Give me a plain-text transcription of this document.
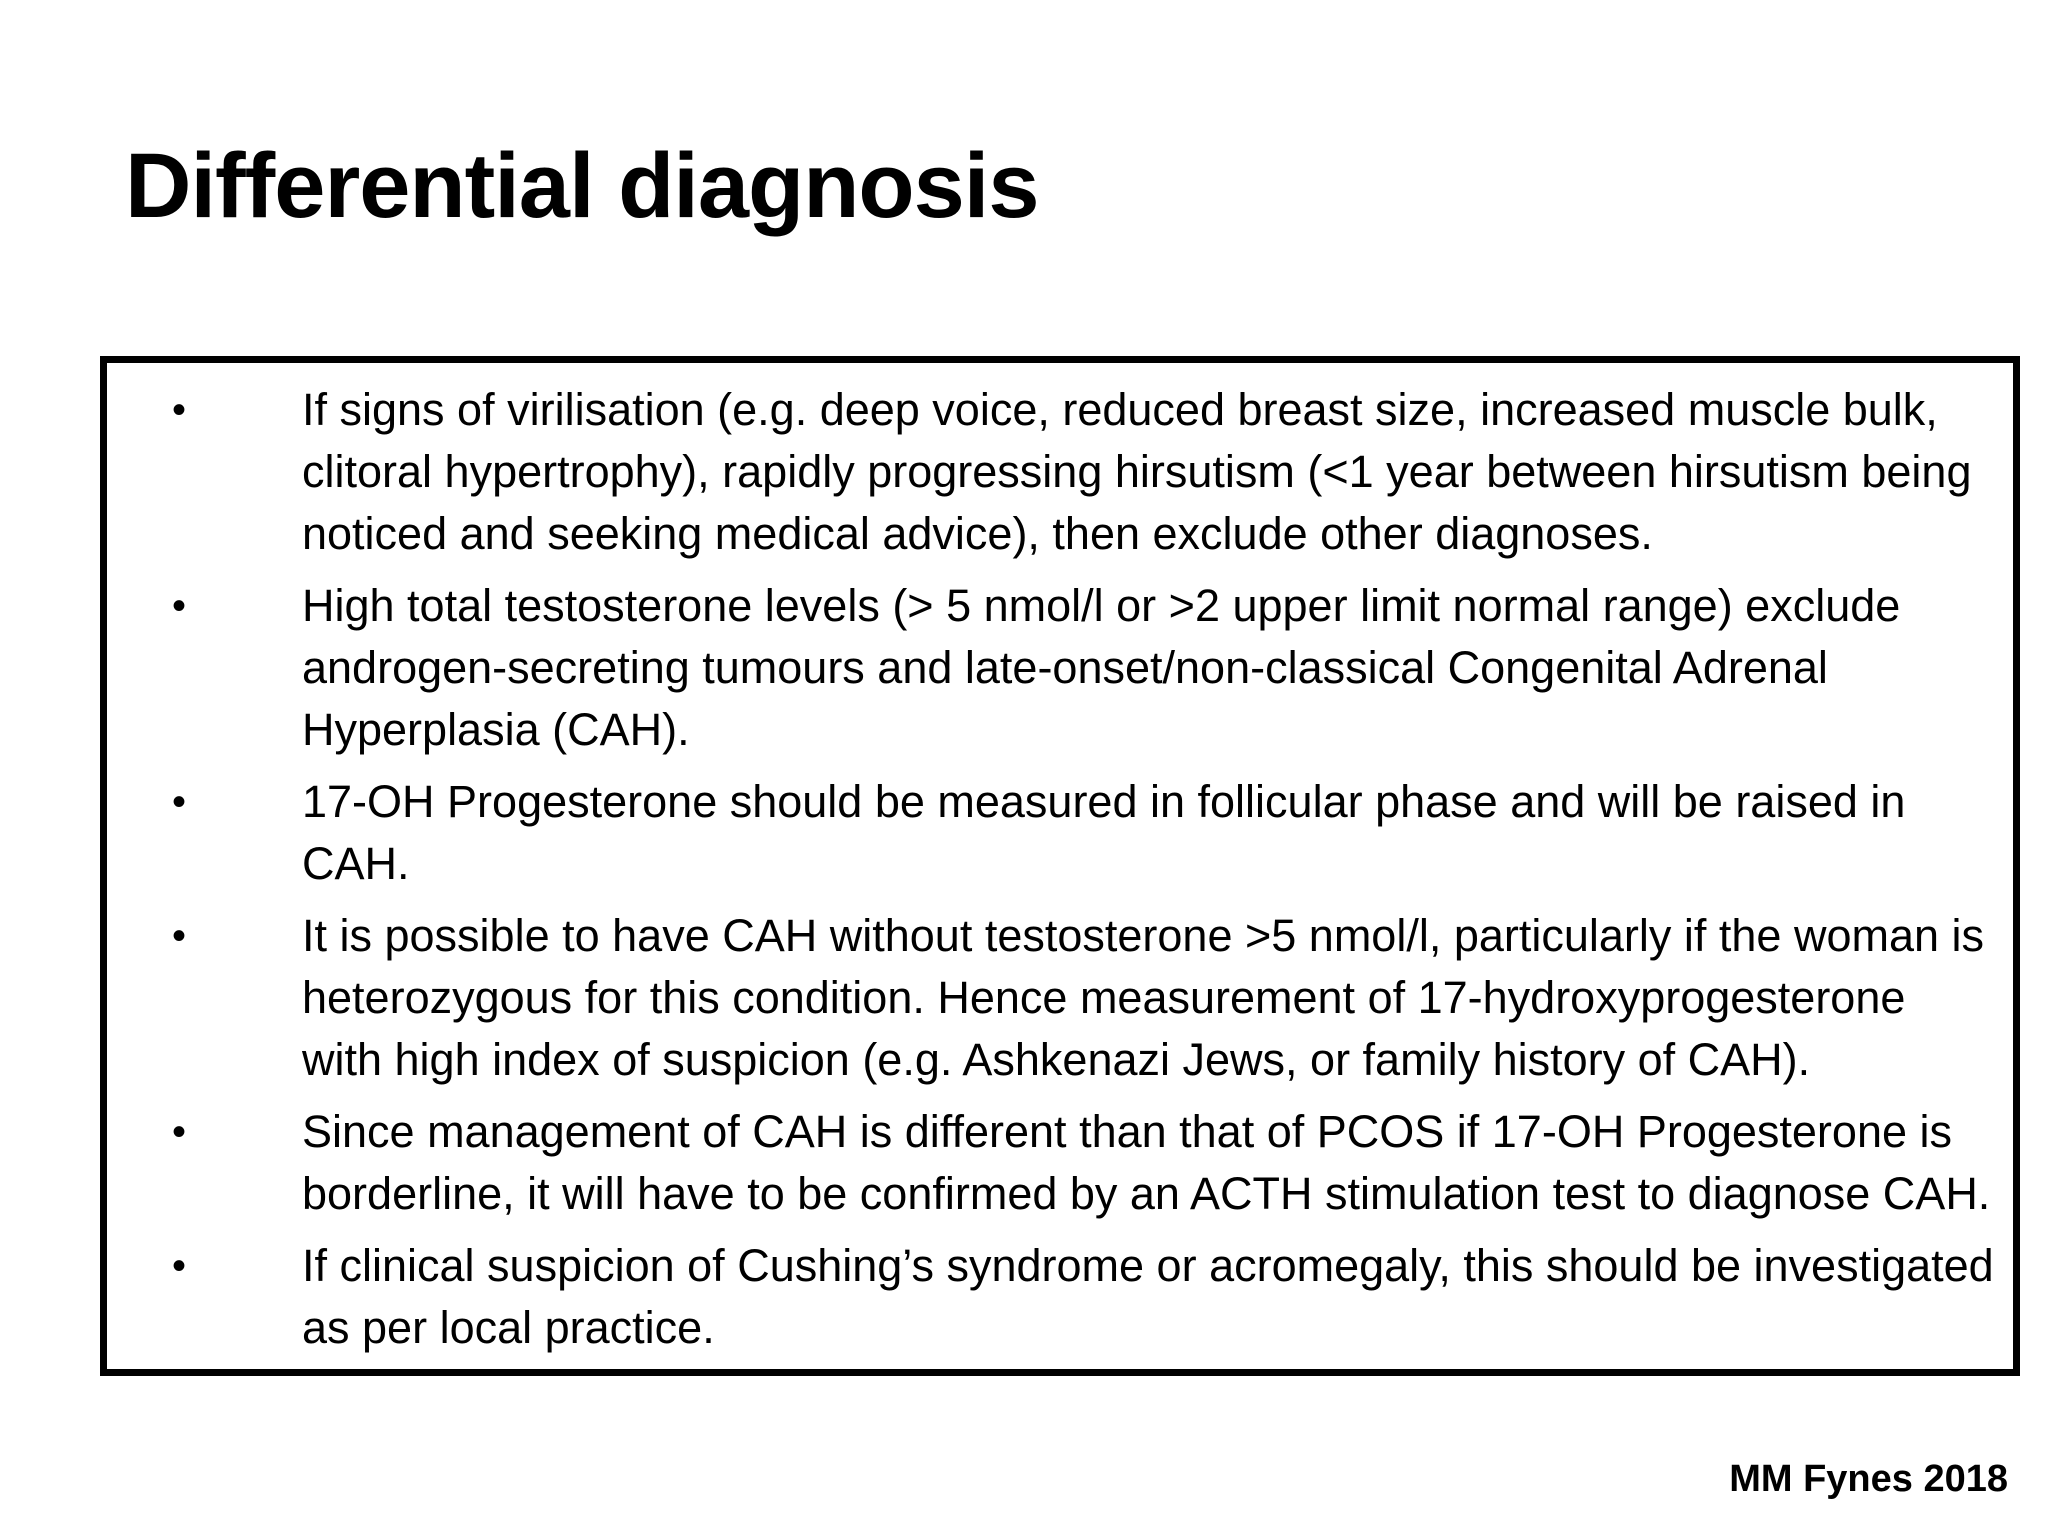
Differential diagnosis
•	If signs of virilisation (e.g. deep voice, reduced breast size, increased muscle bulk, clitoral hypertrophy), rapidly progressing hirsutism (<1 year between hirsutism being noticed and seeking medical advice), then exclude other diagnoses.
•	High total testosterone levels (> 5 nmol/l or >2 upper limit normal range) exclude androgen-secreting tumours and late-onset/non-classical Congenital Adrenal Hyperplasia (CAH).
•	17-OH Progesterone should be measured in follicular phase and will be raised in CAH.
•	It is possible to have CAH without testosterone >5 nmol/l, particularly if the woman is heterozygous for this condition. Hence measurement of 17-hydroxyprogesterone with high index of suspicion (e.g. Ashkenazi Jews, or family history of CAH).
•	Since management of CAH is different than that of PCOS if 17-OH Progesterone is borderline, it will have to be confirmed by an ACTH stimulation test to diagnose CAH.
•	If clinical suspicion of Cushing’s syndrome or acromegaly, this should be investigated as per local practice.
MM Fynes 2018
